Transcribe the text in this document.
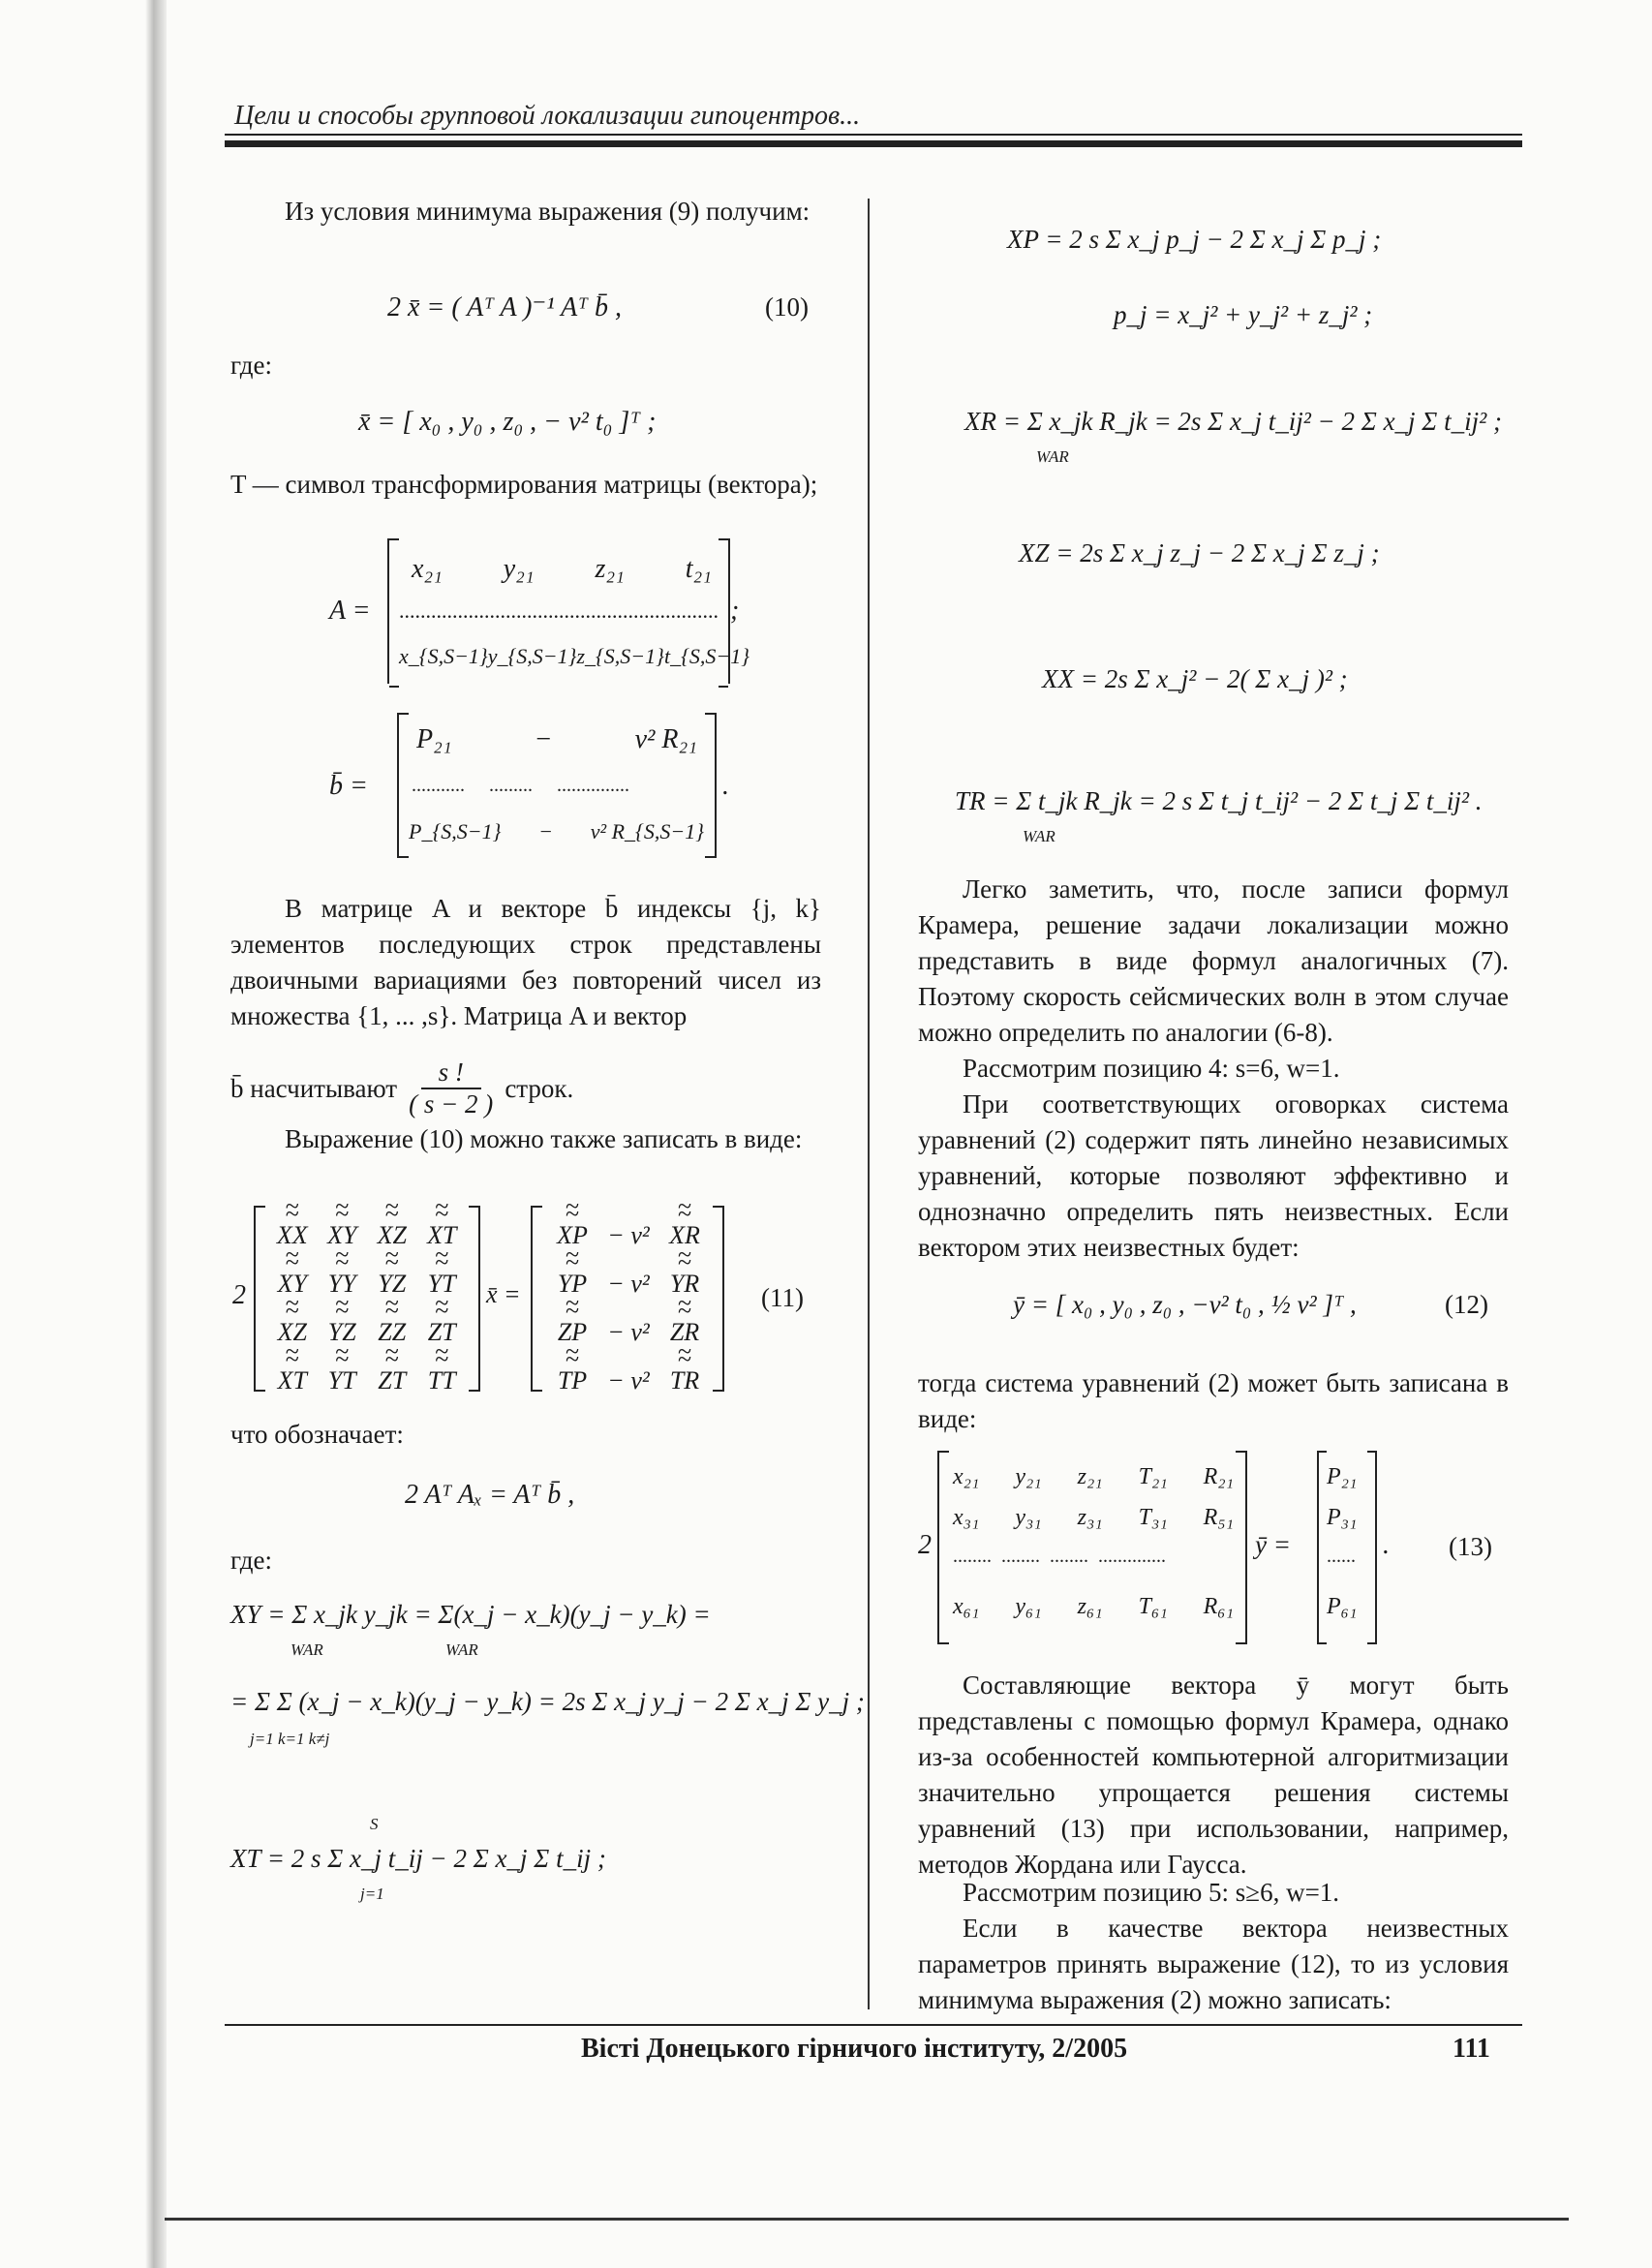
Цели и способы групповой локализации гипоцентров...

Из условия минимума выражения (9) получим:

2 x̄ = ( Aᵀ A )⁻¹ Aᵀ b̄ ,	(10)
где:
x̄ = [ x₀ , y₀ , z₀ , − v² t₀ ]ᵀ ;
T — символ трансформирования матрицы (вектора);
A =
x₂₁ y₂₁ z₂₁ t₂₁
............................................................
x_{S,S−1} y_{S,S−1} z_{S,S−1} t_{S,S−1}
;
b̄ =
P₂₁	−	v² R₂₁
...........     .........     ...............
P_{S,S−1} − v² R_{S,S−1}
.
В матрице A и векторе b̄ индексы {j, k} элементов последующих строк представлены двоичными вариациями без повторений чисел из множества {1, ... ,s}. Матрица A и вектор
b̄ насчитывают $\frac{s !}{( s - 2 )}$ строк.
Выражение (10) можно также записать в виде:
2
~ XX ~ ~ XY ~ ~ XZ ~ ~ XT ~
~ XY ~ ~ YY ~ ~ YZ ~ ~ YT ~
~ XZ ~ ~ YZ ~ ~ ZZ ~ ~ ZT ~
~ XT ~ ~ YT ~ ~ ZT ~ ~ TT ~
x̄ =
~ XP ~ − v² ~ XR ~
~ YP ~ − v² ~ YR ~
~ ZP ~ − v² ~ ZR ~
~ TP ~ − v² ~ TR ~
(11)
что обозначает:
2 Aᵀ Aₓ = Aᵀ b̄ ,
где:
XY = Σ x_jk y_jk = Σ(x_j − x_k)(y_j − y_k) =
WAR	WAR
= Σ Σ (x_j − x_k)(y_j − y_k) = 2s Σ x_j y_j − 2 Σ x_j Σ y_j ;
j=1 k=1 k≠j
XT = 2 s Σ x_j t_ij − 2 Σ x_j Σ t_ij ;
S
j=1
XP = 2 s Σ x_j p_j − 2 Σ x_j Σ p_j ;
p_j = x_j² + y_j² + z_j² ;
XR = Σ x_jk R_jk = 2s Σ x_j t_ij² − 2 Σ x_j Σ t_ij² ;
WAR
XZ = 2s Σ x_j z_j − 2 Σ x_j Σ z_j ;
XX = 2s Σ x_j² − 2( Σ x_j )² ;
TR = Σ t_jk R_jk = 2 s Σ t_j t_ij² − 2 Σ t_j Σ t_ij² .
WAR
Легко заметить, что, после записи формул Крамера, решение задачи локализации можно представить в виде формул аналогичных (7). Поэтому скорость сейсмических волн в этом случае можно определить по аналогии (6-8).
Рассмотрим позицию 4: s=6, w=1.
При соответствующих оговорках система уравнений (2) содержит пять линейно независимых уравнений, которые позволяют эффективно и однозначно определить пять неизвестных. Если вектором этих неизвестных будет:
ȳ = [ x₀ , y₀ , z₀ , −v² t₀ , ½ v² ]ᵀ ,	(12)
тогда система уравнений (2) может быть записана в виде:
2
x₂₁ y₂₁ z₂₁ T₂₁ R₂₁
x₃₁ y₃₁ z₃₁ T₃₁ R₅₁
........  ........  ........  ..............
x₆₁ y₆₁ z₆₁ T₆₁ R₆₁
ȳ =
P₂₁
P₃₁
......
P₆₁
. (13)
Составляющие вектора ȳ могут быть представлены с помощью формул Крамера, однако из-за особенностей компьютерной алгоритмизации значительно упрощается решения системы уравнений (13) при использовании, например, методов Жордана или Гаусса.
Рассмотрим позицию 5: s≥6, w=1.
Если в качестве вектора неизвестных параметров принять выражение (12), то из условия минимума выражения (2) можно записать:
Вісті Донецького гірничого інституту, 2/2005	111
